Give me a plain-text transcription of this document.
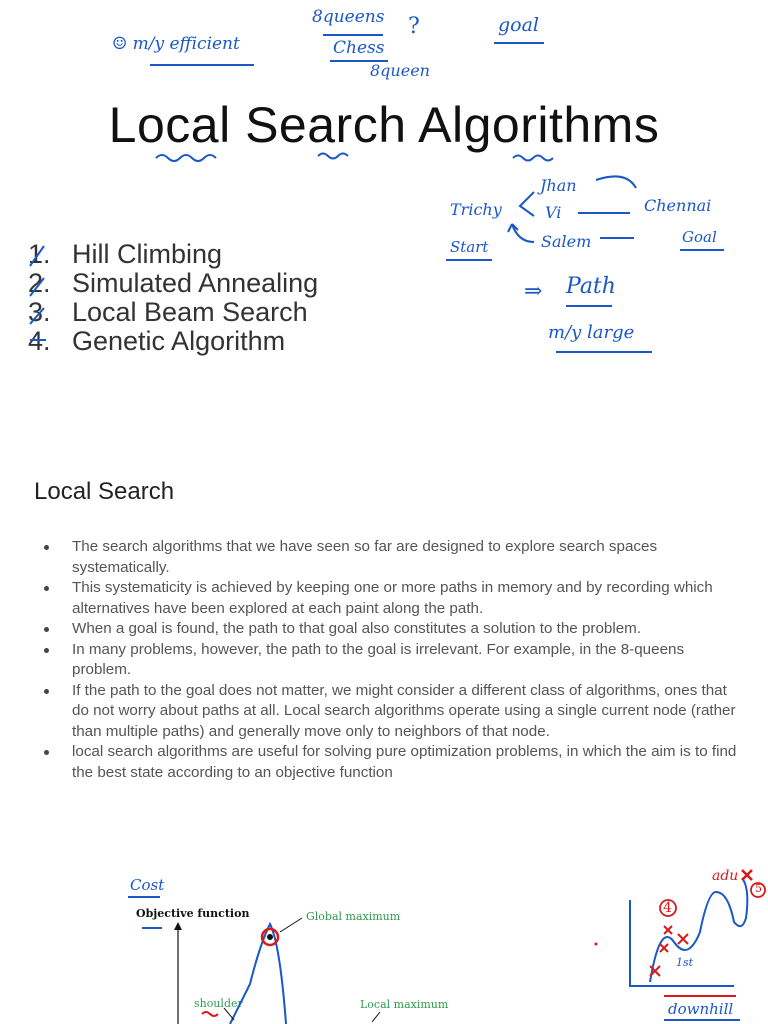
☺ m/y efficient
8queens ?
Chess
8queen
goal
Local Search Algorithms
1. Hill Climbing
2. Simulated Annealing
3. Local Beam Search
4. Genetic Algorithm
Jhan
Trichy	Vi	Chennai
Start	Salem	Goal
⇒ Path
m/y large
Local Search
The search algorithms that we have seen so far are designed to explore search spaces systematically.
This systematicity is achieved by keeping one or more paths in memory and by recording which alternatives have been explored at each paint along the path.
When a goal is found, the path to that goal also constitutes a solution to the problem.
In many problems, however, the path to the goal is irrelevant. For example, in the 8-queens problem.
If the path to the goal does not matter, we might consider a different class of algorithms, ones that do not worry about paths at all. Local search algorithms operate using a single current node (rather than multiple paths) and generally move only to neighbors of that node.
local search algorithms are useful for solving pure optimization problems, in which the aim is to find the best state according to an objective function
Cost
Objective function	Global maximum
shoulder	Local maximum
adu
4
5
1st
downhill
